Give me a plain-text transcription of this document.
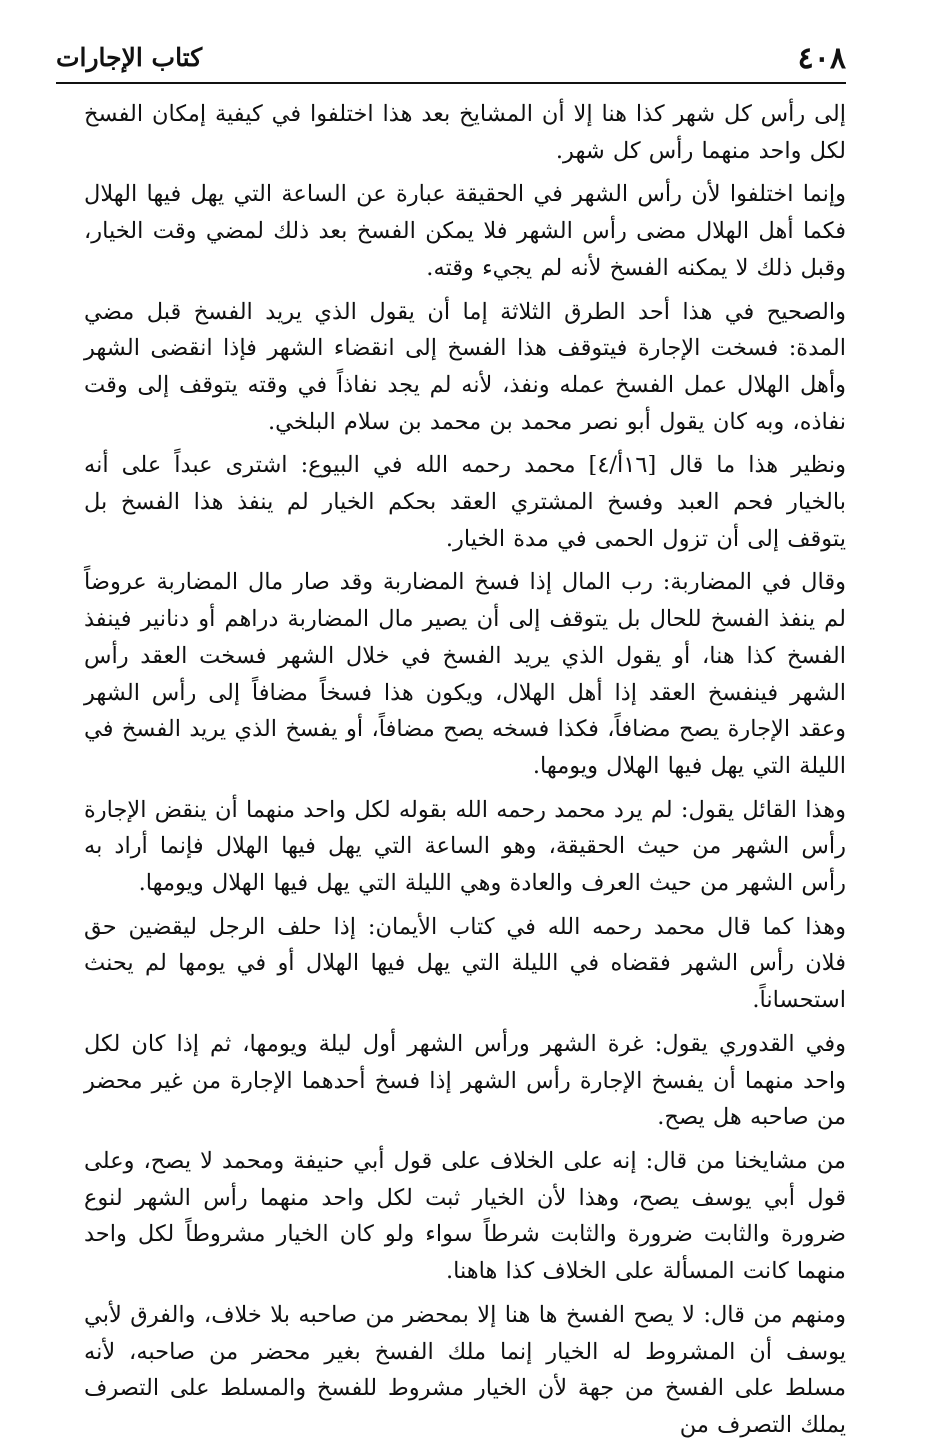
٤٠٨
كتاب الإجارات

إلى رأس كل شهر كذا هنا إلا أن المشايخ بعد هذا اختلفوا في كيفية إمكان الفسخ لكل واحد منهما رأس كل شهر.

وإنما اختلفوا لأن رأس الشهر في الحقيقة عبارة عن الساعة التي يهل فيها الهلال فكما أهل الهلال مضى رأس الشهر فلا يمكن الفسخ بعد ذلك لمضي وقت الخيار، وقبل ذلك لا يمكنه الفسخ لأنه لم يجيء وقته.

والصحيح في هذا أحد الطرق الثلاثة إما أن يقول الذي يريد الفسخ قبل مضي المدة: فسخت الإجارة فيتوقف هذا الفسخ إلى انقضاء الشهر فإذا انقضى الشهر وأهل الهلال عمل الفسخ عمله ونفذ، لأنه لم يجد نفاذاً في وقته يتوقف إلى وقت نفاذه، وبه كان يقول أبو نصر محمد بن محمد بن سلام البلخي.

ونظير هذا ما قال [١٦أ/٤] محمد رحمه الله في البيوع: اشترى عبداً على أنه بالخيار فحم العبد وفسخ المشتري العقد بحكم الخيار لم ينفذ هذا الفسخ بل يتوقف إلى أن تزول الحمى في مدة الخيار.

وقال في المضاربة: رب المال إذا فسخ المضاربة وقد صار مال المضاربة عروضاً لم ينفذ الفسخ للحال بل يتوقف إلى أن يصير مال المضاربة دراهم أو دنانير فينفذ الفسخ كذا هنا، أو يقول الذي يريد الفسخ في خلال الشهر فسخت العقد رأس الشهر فينفسخ العقد إذا أهل الهلال، ويكون هذا فسخاً مضافاً إلى رأس الشهر وعقد الإجارة يصح مضافاً، فكذا فسخه يصح مضافاً، أو يفسخ الذي يريد الفسخ في الليلة التي يهل فيها الهلال ويومها.

وهذا القائل يقول: لم يرد محمد رحمه الله بقوله لكل واحد منهما أن ينقض الإجارة رأس الشهر من حيث الحقيقة، وهو الساعة التي يهل فيها الهلال فإنما أراد به رأس الشهر من حيث العرف والعادة وهي الليلة التي يهل فيها الهلال ويومها.

وهذا كما قال محمد رحمه الله في كتاب الأيمان: إذا حلف الرجل ليقضين حق فلان رأس الشهر فقضاه في الليلة التي يهل فيها الهلال أو في يومها لم يحنث استحساناً.

وفي القدوري يقول: غرة الشهر ورأس الشهر أول ليلة ويومها، ثم إذا كان لكل واحد منهما أن يفسخ الإجارة رأس الشهر إذا فسخ أحدهما الإجارة من غير محضر من صاحبه هل يصح.

من مشايخنا من قال: إنه على الخلاف على قول أبي حنيفة ومحمد لا يصح، وعلى قول أبي يوسف يصح، وهذا لأن الخيار ثبت لكل واحد منهما رأس الشهر لنوع ضرورة والثابت ضرورة والثابت شرطاً سواء ولو كان الخيار مشروطاً لكل واحد منهما كانت المسألة على الخلاف كذا هاهنا.

ومنهم من قال: لا يصح الفسخ ها هنا إلا بمحضر من صاحبه بلا خلاف، والفرق لأبي يوسف أن المشروط له الخيار إنما ملك الفسخ بغير محضر من صاحبه، لأنه مسلط على الفسخ من جهة لأن الخيار مشروط للفسخ والمسلط على التصرف يملك التصرف من
